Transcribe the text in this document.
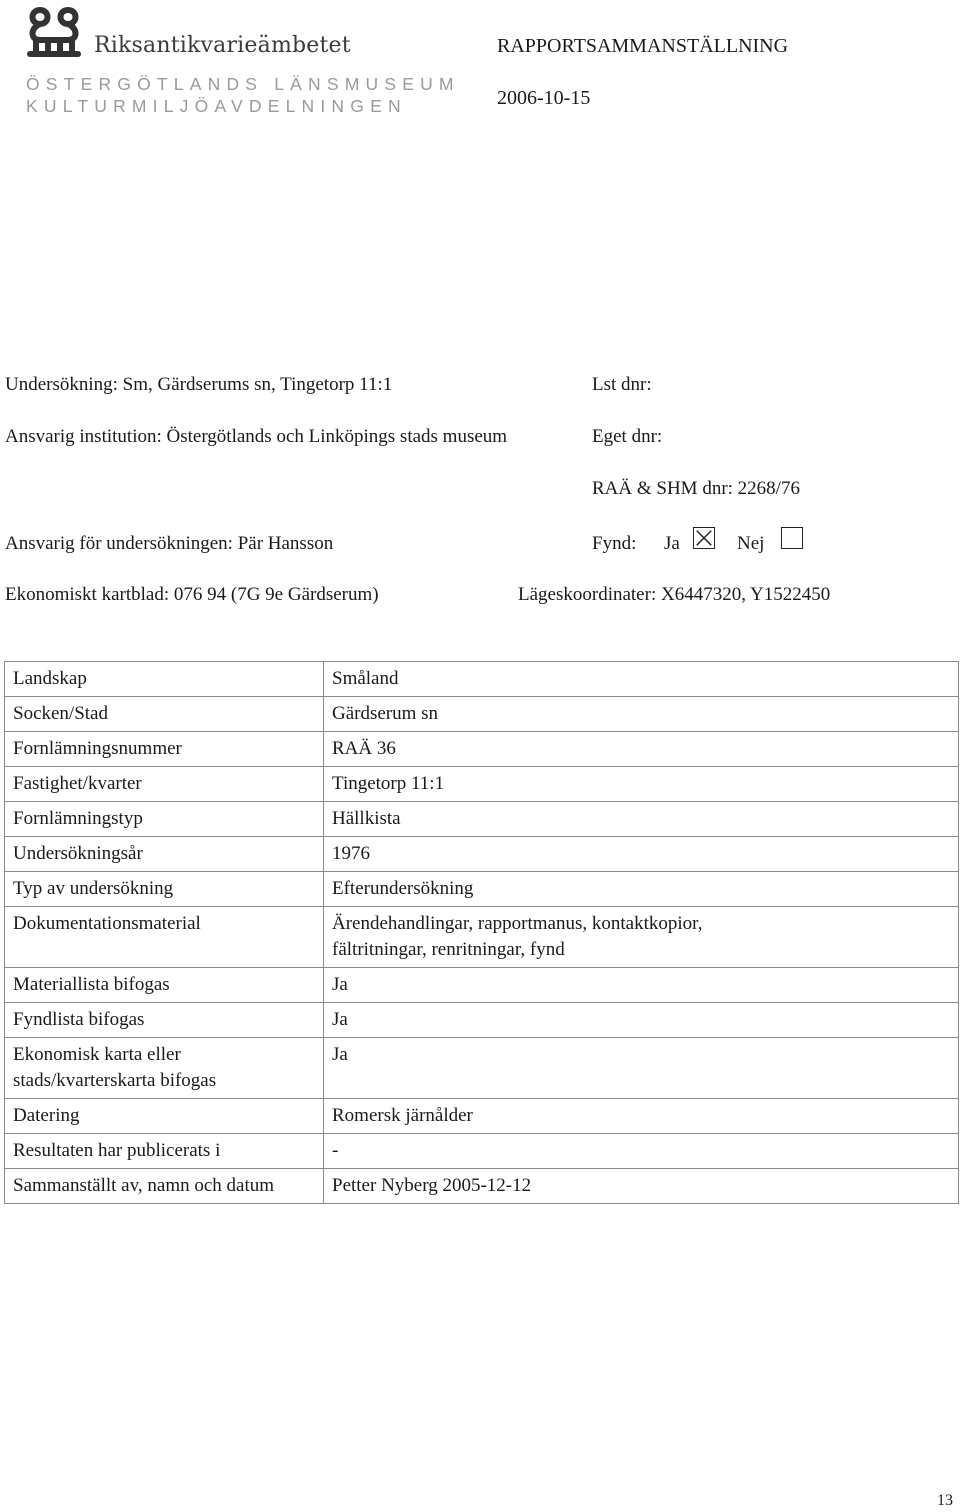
Riksantikvarieämbetet
ÖSTERGÖTLANDS LÄNSMUSEUM
KULTURMILJÖAVDELNINGEN
RAPPORTSAMMANSTÄLLNING
2006-10-15
Undersökning: Sm, Gärdserums sn, Tingetorp 11:1
Ansvarig institution: Östergötlands och Linköpings stads museum
Ansvarig för undersökningen: Pär Hansson
Ekonomiskt kartblad: 076 94 (7G 9e Gärdserum)
Lst dnr:
Eget dnr:
RAÄ & SHM dnr: 2268/76
Fynd: Ja	Nej
Lägeskoordinater: X6447320, Y1522450
Landskap	Småland
Socken/Stad	Gärdserum sn
Fornlämningsnummer	RAÄ 36
Fastighet/kvarter	Tingetorp 11:1
Fornlämningstyp	Hällkista
Undersökningsår	1976
Typ av undersökning	Efterundersökning
Dokumentationsmaterial	Ärendehandlingar, rapportmanus, kontaktkopior,
fältritningar, renritningar, fynd

Materiallista bifogas	Ja
Fyndlista bifogas	Ja

Ekonomisk karta eller
stads/kvarterskarta bifogas	Ja
Datering	Romersk järnålder
Resultaten har publicerats i	-
Sammanställt av, namn och datum	Petter Nyberg 2005-12-12
13
